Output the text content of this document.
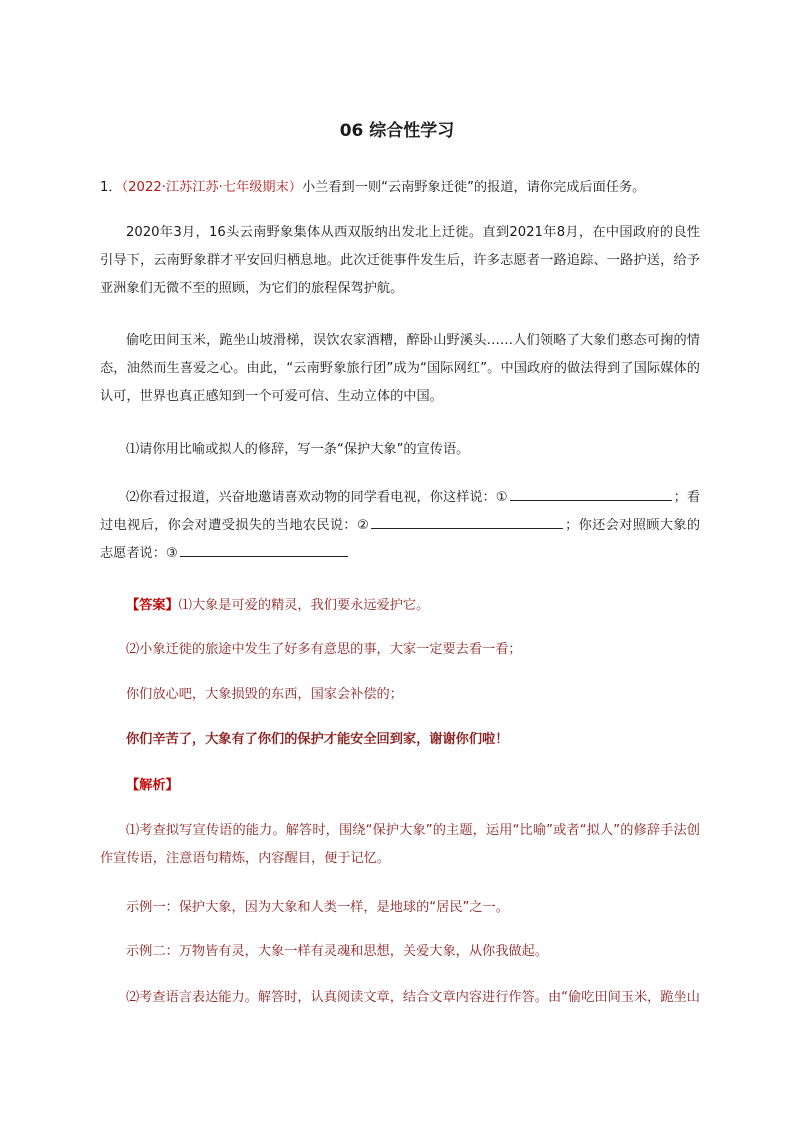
06 综合性学习

1．（2022·江苏江苏·七年级期末）小兰看到一则“云南野象迁徙”的报道，请你完成后面任务。

2020年3月，16头云南野象集体从西双版纳出发北上迁徙。直到2021年8月，在中国政府的良性引导下，云南野象群才平安回归栖息地。此次迁徙事件发生后，许多志愿者一路追踪、一路护送，给予亚洲象们无微不至的照顾，为它们的旅程保驾护航。

偷吃田间玉米，跪坐山坡滑梯，误饮农家酒糟，醉卧山野溪头……人们领略了大象们憨态可掬的情态，油然而生喜爱之心。由此，“云南野象旅行团”成为“国际网红”。中国政府的做法得到了国际媒体的认可，世界也真正感知到一个可爱可信、生动立体的中国。

⑴请你用比喻或拟人的修辞，写一条“保护大象”的宣传语。

⑵你看过报道，兴奋地邀请喜欢动物的同学看电视，你这样说：①	；看过电视后，你会对遭受损失的当地农民说：②	；你还会对照顾大象的志愿者说：③

【答案】⑴大象是可爱的精灵，我们要永远爱护它。

⑵小象迁徙的旅途中发生了好多有意思的事，大家一定要去看一看；

你们放心吧，大象损毁的东西，国家会补偿的；

你们辛苦了，大象有了你们的保护才能安全回到家，谢谢你们啦！

【解析】

⑴考查拟写宣传语的能力。解答时，围绕“保护大象”的主题，运用“比喻”或者“拟人”的修辞手法创作宣传语，注意语句精炼，内容醒目，便于记忆。

示例一：保护大象，因为大象和人类一样，是地球的“居民”之一。

示例二：万物皆有灵，大象一样有灵魂和思想，关爱大象，从你我做起。

⑵考查语言表达能力。解答时，认真阅读文章，结合文章内容进行作答。由“偷吃田间玉米，跪坐山
